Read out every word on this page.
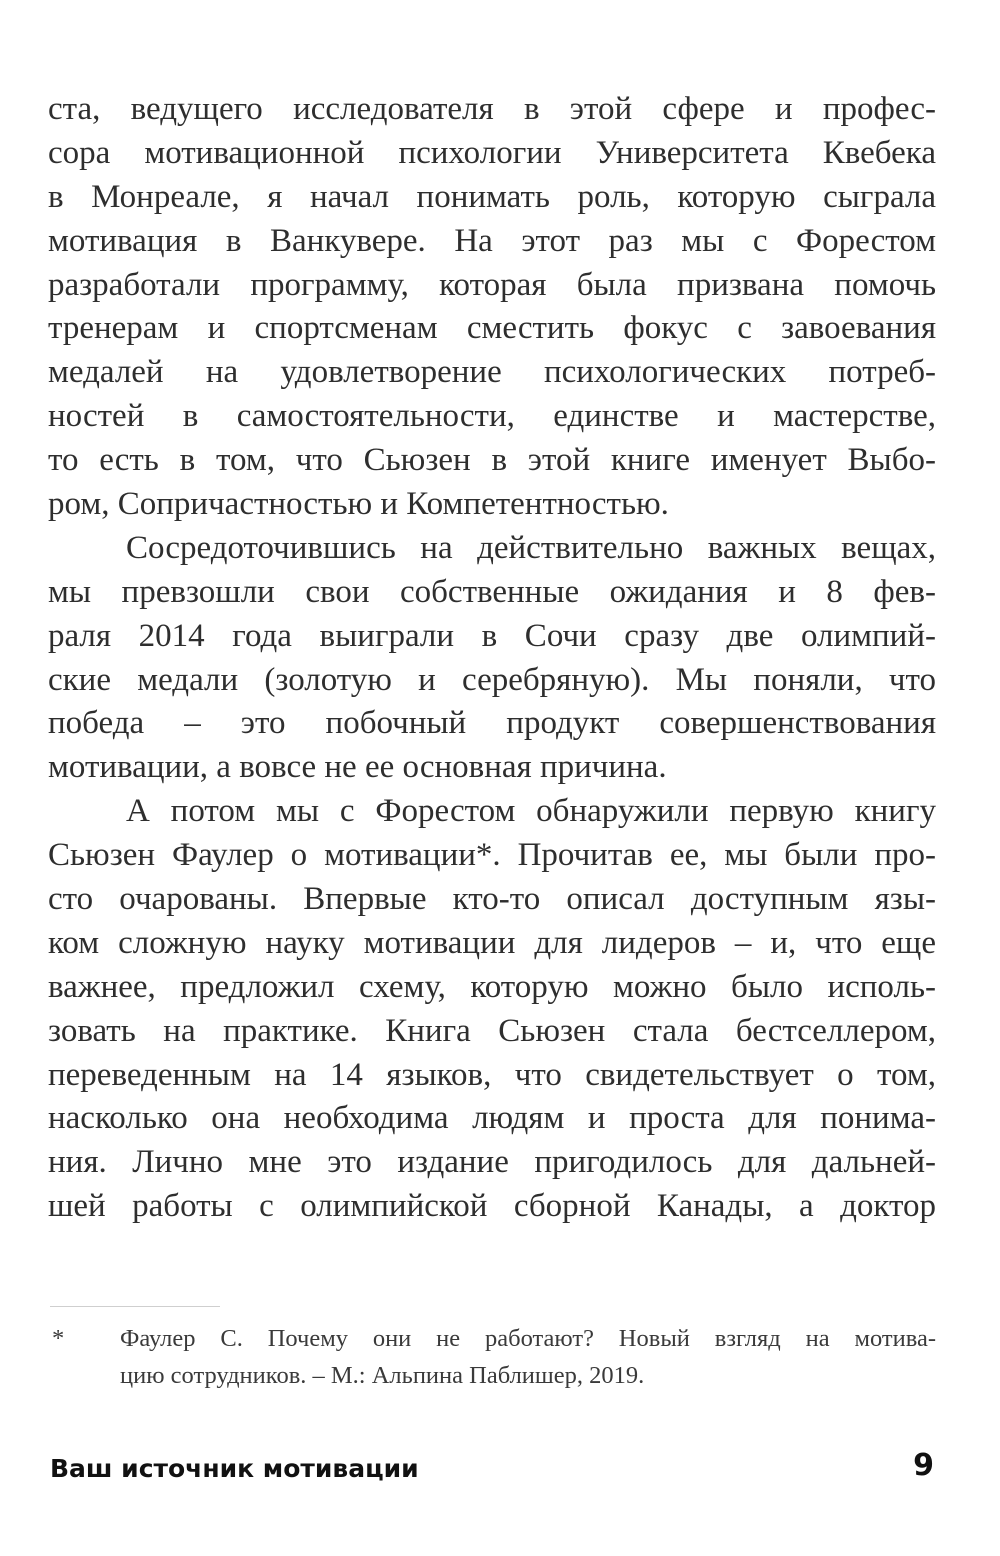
ста, ведущего исследователя в этой сфере и профес-
сора мотивационной психологии Университета Квебека
в Монреале, я начал понимать роль, которую сыграла
мотивация в Ванкувере. На этот раз мы с Форестом
разработали программу, которая была призвана помочь
тренерам и спортсменам сместить фокус с завоевания
медалей на удовлетворение психологических потреб-
ностей в самостоятельности, единстве и мастерстве,
то есть в том, что Сьюзен в этой книге именует Выбо-
ром, Сопричастностью и Компетентностью.
Сосредоточившись на действительно важных вещах,
мы превзошли свои собственные ожидания и 8 фев-
раля 2014 года выиграли в Сочи сразу две олимпий-
ские медали (золотую и серебряную). Мы поняли, что
победа – это побочный продукт совершенствования
мотивации, а вовсе не ее основная причина.
А потом мы с Форестом обнаружили первую книгу
Сьюзен Фаулер о мотивации*. Прочитав ее, мы были про-
сто очарованы. Впервые кто-то описал доступным язы-
ком сложную науку мотивации для лидеров – и, что еще
важнее, предложил схему, которую можно было исполь-
зовать на практике. Книга Сьюзен стала бестселлером,
переведенным на 14 языков, что свидетельствует о том,
насколько она необходима людям и проста для понима-
ния. Лично мне это издание пригодилось для дальней-
шей работы с олимпийской сборной Канады, а доктор
* Фаулер С. Почему они не работают? Новый взгляд на мотива-
цию сотрудников. – М.: Альпина Паблишер, 2019.
Ваш источник мотивации	9
